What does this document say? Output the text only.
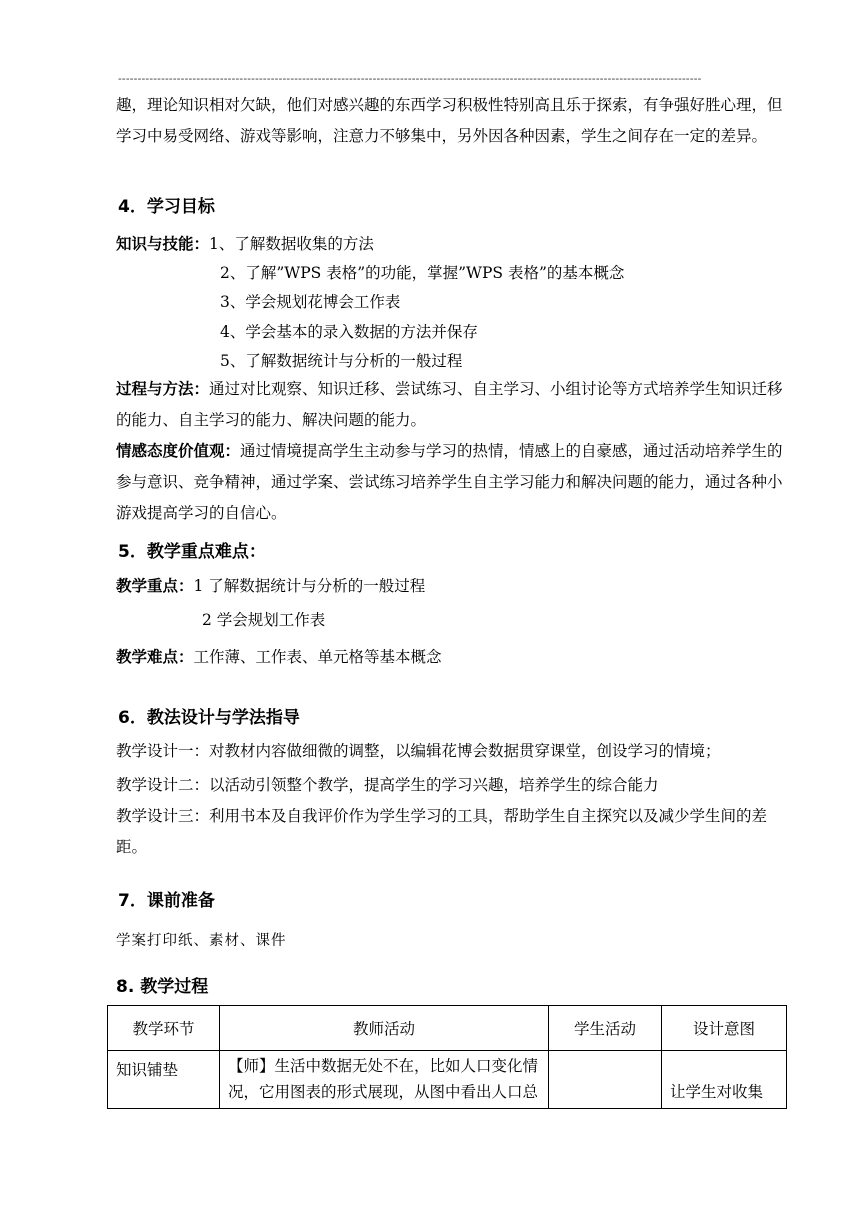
-----------------------------------------------------------------------------------------------------------------------------------------------------
趣，理论知识相对欠缺，他们对感兴趣的东西学习积极性特别高且乐于探索，有争强好胜心理，但学习中易受网络、游戏等影响，注意力不够集中，另外因各种因素，学生之间存在一定的差异。
4．学习目标
知识与技能：1、了解数据收集的方法
2、了解”WPS 表格”的功能，掌握”WPS 表格”的基本概念
3、学会规划花博会工作表
4、学会基本的录入数据的方法并保存
5、了解数据统计与分析的一般过程
过程与方法：通过对比观察、知识迁移、尝试练习、自主学习、小组讨论等方式培养学生知识迁移的能力、自主学习的能力、解决问题的能力。
情感态度价值观：通过情境提高学生主动参与学习的热情，情感上的自豪感，通过活动培养学生的参与意识、竞争精神，通过学案、尝试练习培养学生自主学习能力和解决问题的能力，通过各种小游戏提高学习的自信心。
5．教学重点难点：
教学重点：1 了解数据统计与分析的一般过程
2 学会规划工作表
教学难点：工作薄、工作表、单元格等基本概念
6．教法设计与学法指导
教学设计一：对教材内容做细微的调整，以编辑花博会数据贯穿课堂，创设学习的情境；
教学设计二：以活动引领整个教学，提高学生的学习兴趣，培养学生的综合能力
教学设计三：利用书本及自我评价作为学生学习的工具，帮助学生自主探究以及减少学生间的差距。
7．课前准备
学案打印纸、素材、课件
8. 教学过程
教学环节	教师活动	学生活动	设计意图
知识铺垫	【师】生活中数据无处不在，比如人口变化情况，它用图表的形式展现，从图中看出人口总		让学生对收集
